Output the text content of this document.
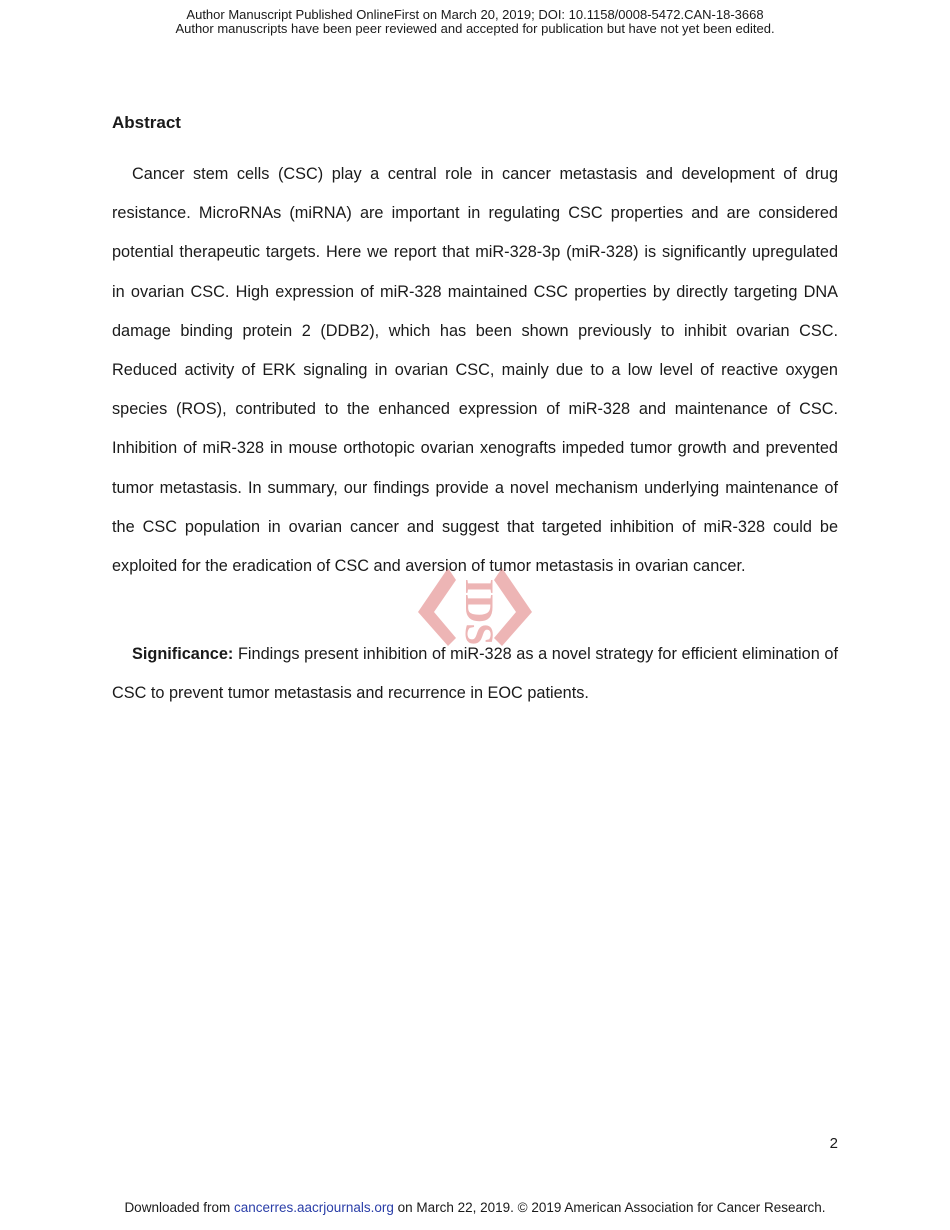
Author Manuscript Published OnlineFirst on March 20, 2019; DOI: 10.1158/0008-5472.CAN-18-3668
Author manuscripts have been peer reviewed and accepted for publication but have not yet been edited.
Abstract

Cancer stem cells (CSC) play a central role in cancer metastasis and development of drug resistance. MicroRNAs (miRNA) are important in regulating CSC properties and are considered potential therapeutic targets. Here we report that miR-328-3p (miR-328) is significantly upregulated in ovarian CSC. High expression of miR-328 maintained CSC properties by directly targeting DNA damage binding protein 2 (DDB2), which has been shown previously to inhibit ovarian CSC. Reduced activity of ERK signaling in ovarian CSC, mainly due to a low level of reactive oxygen species (ROS), contributed to the enhanced expression of miR-328 and maintenance of CSC. Inhibition of miR-328 in mouse orthotopic ovarian xenografts impeded tumor growth and prevented tumor metastasis. In summary, our findings provide a novel mechanism underlying maintenance of the CSC population in ovarian cancer and suggest that targeted inhibition of miR-328 could be exploited for the eradication of CSC and aversion of tumor metastasis in ovarian cancer.

IDS

Significance: Findings present inhibition of miR-328 as a novel strategy for efficient elimination of CSC to prevent tumor metastasis and recurrence in EOC patients.

2
Downloaded from cancerres.aacrjournals.org on March 22, 2019. © 2019 American Association for Cancer Research.
